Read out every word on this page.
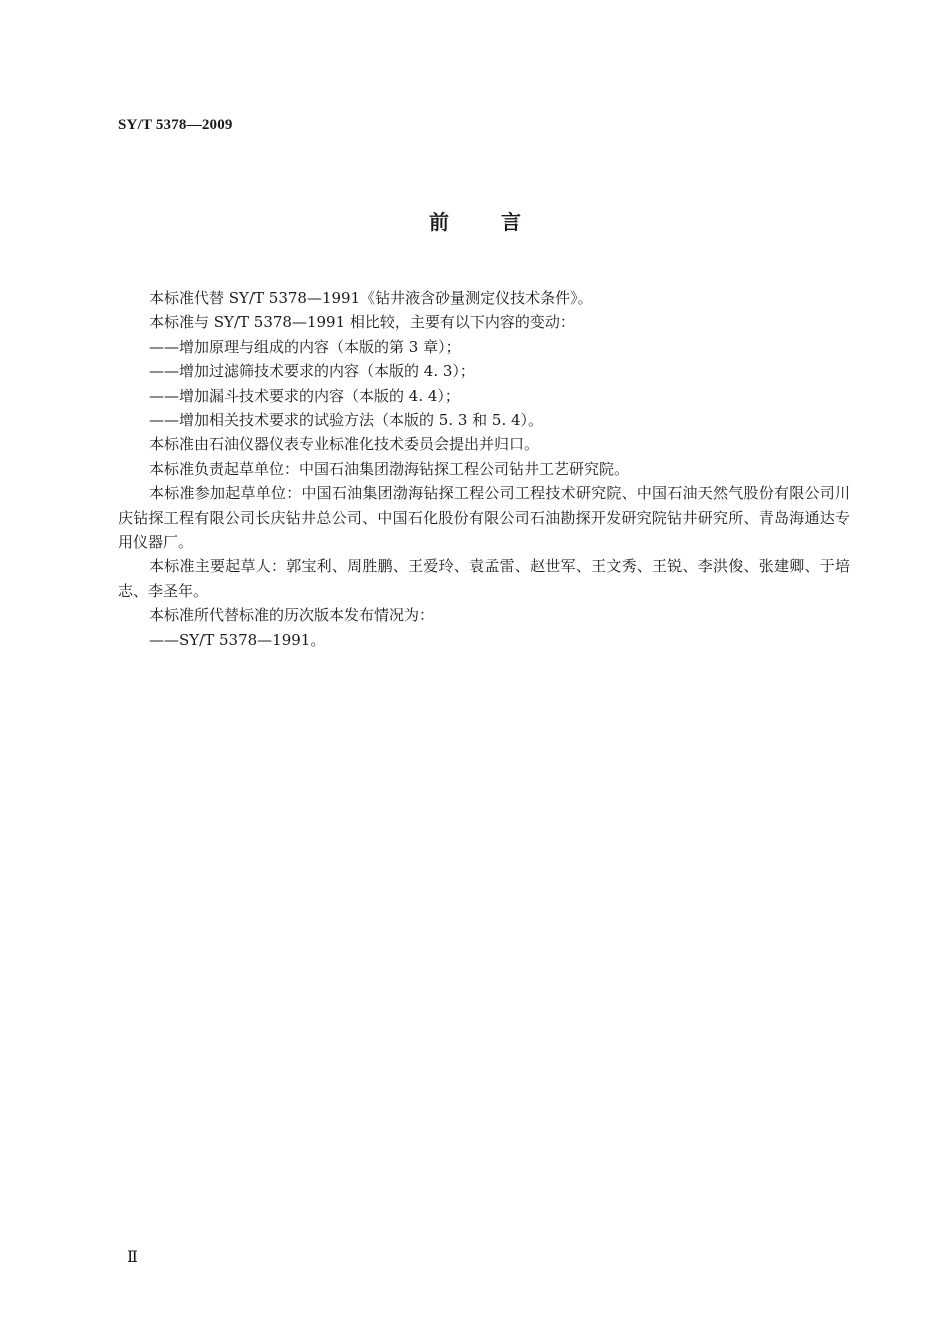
SY/T 5378—2009
前言

本标准代替 SY/T 5378—1991《钻井液含砂量测定仪技术条件》。

本标准与 SY/T 5378—1991 相比较，主要有以下内容的变动：

——增加原理与组成的内容（本版的第 3 章）；

——增加过滤筛技术要求的内容（本版的 4. 3）；

——增加漏斗技术要求的内容（本版的 4. 4）；

——增加相关技术要求的试验方法（本版的 5. 3 和 5. 4）。

本标准由石油仪器仪表专业标准化技术委员会提出并归口。

本标准负责起草单位：中国石油集团渤海钻探工程公司钻井工艺研究院。

本标准参加起草单位：中国石油集团渤海钻探工程公司工程技术研究院、中国石油天然气股份有限公司川庆钻探工程有限公司长庆钻井总公司、中国石化股份有限公司石油勘探开发研究院钻井研究所、青岛海通达专用仪器厂。

本标准主要起草人：郭宝利、周胜鹏、王爱玲、袁孟雷、赵世军、王文秀、王锐、李洪俊、张建卿、于培志、李圣年。

本标准所代替标准的历次版本发布情况为：

——SY/T 5378—1991。

Ⅱ
